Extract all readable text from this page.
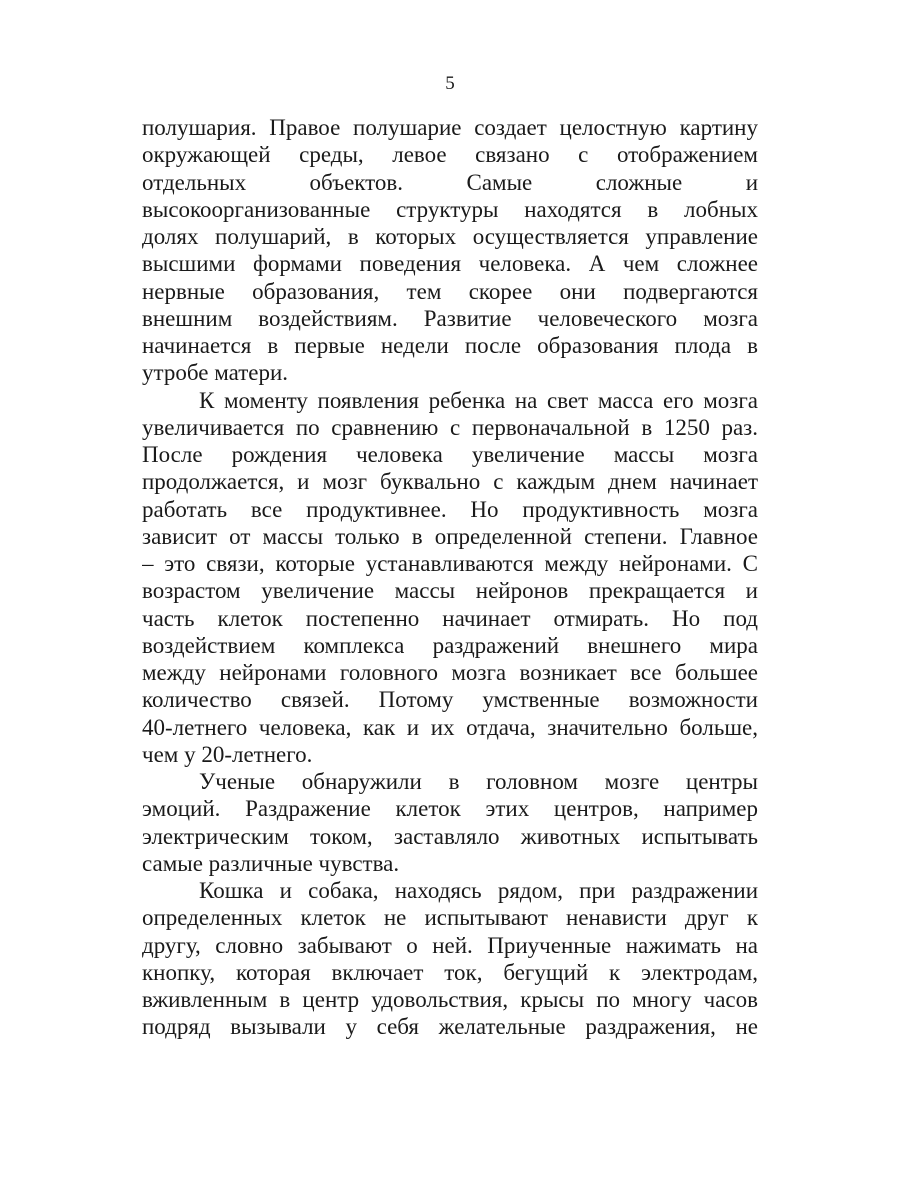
5
полушария. Правое полушарие создает целостную картину
окружающей среды, левое связано с отображением
отдельных объектов. Самые сложные и
высокоорганизованные структуры находятся в лобных
долях полушарий, в которых осуществляется управление
высшими формами поведения человека. А чем сложнее
нервные образования, тем скорее они подвергаются
внешним воздействиям. Развитие человеческого мозга
начинается в первые недели после образования плода в
утробе матери.
К моменту появления ребенка на свет масса его мозга
увеличивается по сравнению с первоначальной в 1250 раз.
После рождения человека увеличение массы мозга
продолжается, и мозг буквально с каждым днем начинает
работать все продуктивнее. Но продуктивность мозга
зависит от массы только в определенной степени. Главное
– это связи, которые устанавливаются между нейронами. С
возрастом увеличение массы нейронов прекращается и
часть клеток постепенно начинает отмирать. Но под
воздействием комплекса раздражений внешнего мира
между нейронами головного мозга возникает все большее
количество связей. Потому умственные возможности
40-летнего человека, как и их отдача, значительно больше,
чем у 20-летнего.
Ученые обнаружили в головном мозге центры
эмоций. Раздражение клеток этих центров, например
электрическим током, заставляло животных испытывать
самые различные чувства.
Кошка и собака, находясь рядом, при раздражении
определенных клеток не испытывают ненависти друг к
другу, словно забывают о ней. Приученные нажимать на
кнопку, которая включает ток, бегущий к электродам,
вживленным в центр удовольствия, крысы по многу часов
подряд вызывали у себя желательные раздражения, не
